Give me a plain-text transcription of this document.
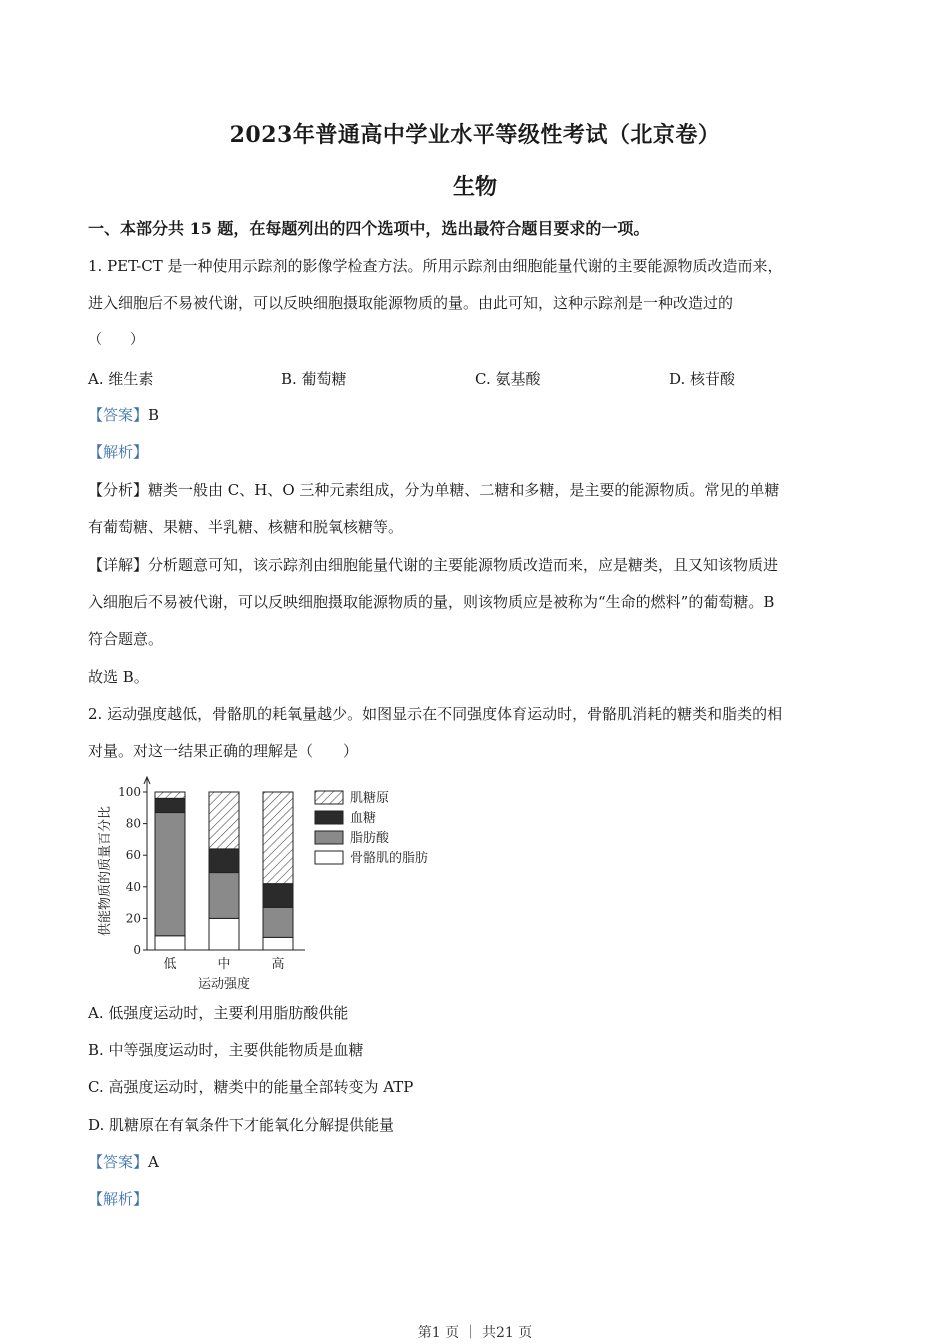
2023年普通高中学业水平等级性考试（北京卷）
生物
一、本部分共 15 题，在每题列出的四个选项中，选出最符合题目要求的一项。
1. PET-CT 是一种使用示踪剂的影像学检查方法。所用示踪剂由细胞能量代谢的主要能源物质改造而来，
进入细胞后不易被代谢，可以反映细胞摄取能源物质的量。由此可知，这种示踪剂是一种改造过的
（　　）
A. 维生素	B. 葡萄糖	C. 氨基酸	D. 核苷酸
【答案】B
【解析】
【分析】糖类一般由 C、H、O 三种元素组成，分为单糖、二糖和多糖，是主要的能源物质。常见的单糖
有葡萄糖、果糖、半乳糖、核糖和脱氧核糖等。
【详解】分析题意可知，该示踪剂由细胞能量代谢的主要能源物质改造而来，应是糖类，且又知该物质进
入细胞后不易被代谢，可以反映细胞摄取能源物质的量，则该物质应是被称为“生命的燃料”的葡萄糖。B
符合题意。
故选 B。
2. 运动强度越低，骨骼肌的耗氧量越少。如图显示在不同强度体育运动时，骨骼肌消耗的糖类和脂类的相
对量。对这一结果正确的理解是（　　）
0
20
40
60
80
100
供能物质的质量百分比
运动强度
低	中	高
肌糖原
血糖
脂肪酸
骨骼肌的脂肪
A. 低强度运动时，主要利用脂肪酸供能
B. 中等强度运动时，主要供能物质是血糖
C. 高强度运动时，糖类中的能量全部转变为 ATP
D. 肌糖原在有氧条件下才能氧化分解提供能量
【答案】A
【解析】
第1 页 ｜ 共21 页
